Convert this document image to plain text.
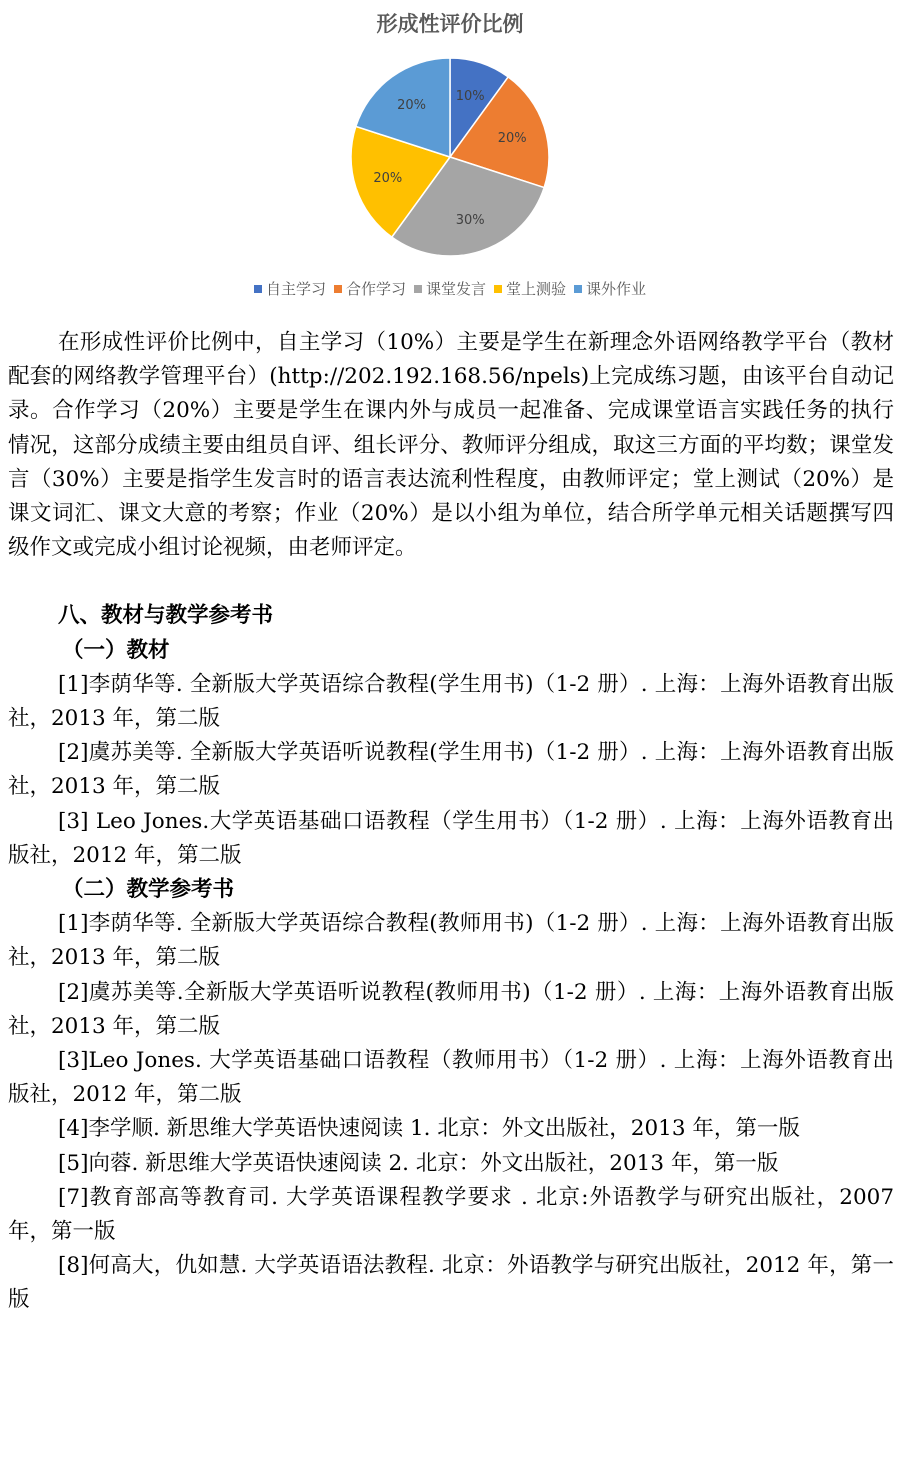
形成性评价比例
10%
20%
30%
20%
20%
自主学习 合作学习 课堂发言 堂上测验 课外作业

在形成性评价比例中，自主学习（10%）主要是学生在新理念外语网络教学平台（教材配套的网络教学管理平台）(http://202.192.168.56/npels)上完成练习题，由该平台自动记录。合作学习（20%）主要是学生在课内外与成员一起准备、完成课堂语言实践任务的执行情况，这部分成绩主要由组员自评、组长评分、教师评分组成，取这三方面的平均数；课堂发言（30%）主要是指学生发言时的语言表达流利性程度，由教师评定；堂上测试（20%）是课文词汇、课文大意的考察；作业（20%）是以小组为单位，结合所学单元相关话题撰写四级作文或完成小组讨论视频，由老师评定。

八、教材与教学参考书

（一）教材

[1]李荫华等. 全新版大学英语综合教程(学生用书)（1-2 册）. 上海：上海外语教育出版社，2013 年，第二版

[2]虞苏美等. 全新版大学英语听说教程(学生用书)（1-2 册）. 上海：上海外语教育出版社，2013 年，第二版

[3] Leo Jones.大学英语基础口语教程（学生用书）（1-2 册）. 上海：上海外语教育出版社，2012 年，第二版

（二）教学参考书

[1]李荫华等. 全新版大学英语综合教程(教师用书)（1-2 册）. 上海：上海外语教育出版社，2013 年，第二版

[2]虞苏美等.全新版大学英语听说教程(教师用书)（1-2 册）. 上海：上海外语教育出版社，2013 年，第二版

[3]Leo Jones. 大学英语基础口语教程（教师用书）（1-2 册）. 上海：上海外语教育出版社，2012 年，第二版

[4]李学顺. 新思维大学英语快速阅读 1. 北京：外文出版社，2013 年，第一版

[5]向蓉. 新思维大学英语快速阅读 2. 北京：外文出版社，2013 年，第一版

[7]教育部高等教育司. 大学英语课程教学要求 . 北京:外语教学与研究出版社，2007 年，第一版

[8]何高大，仇如慧. 大学英语语法教程. 北京：外语教学与研究出版社，2012 年，第一版
